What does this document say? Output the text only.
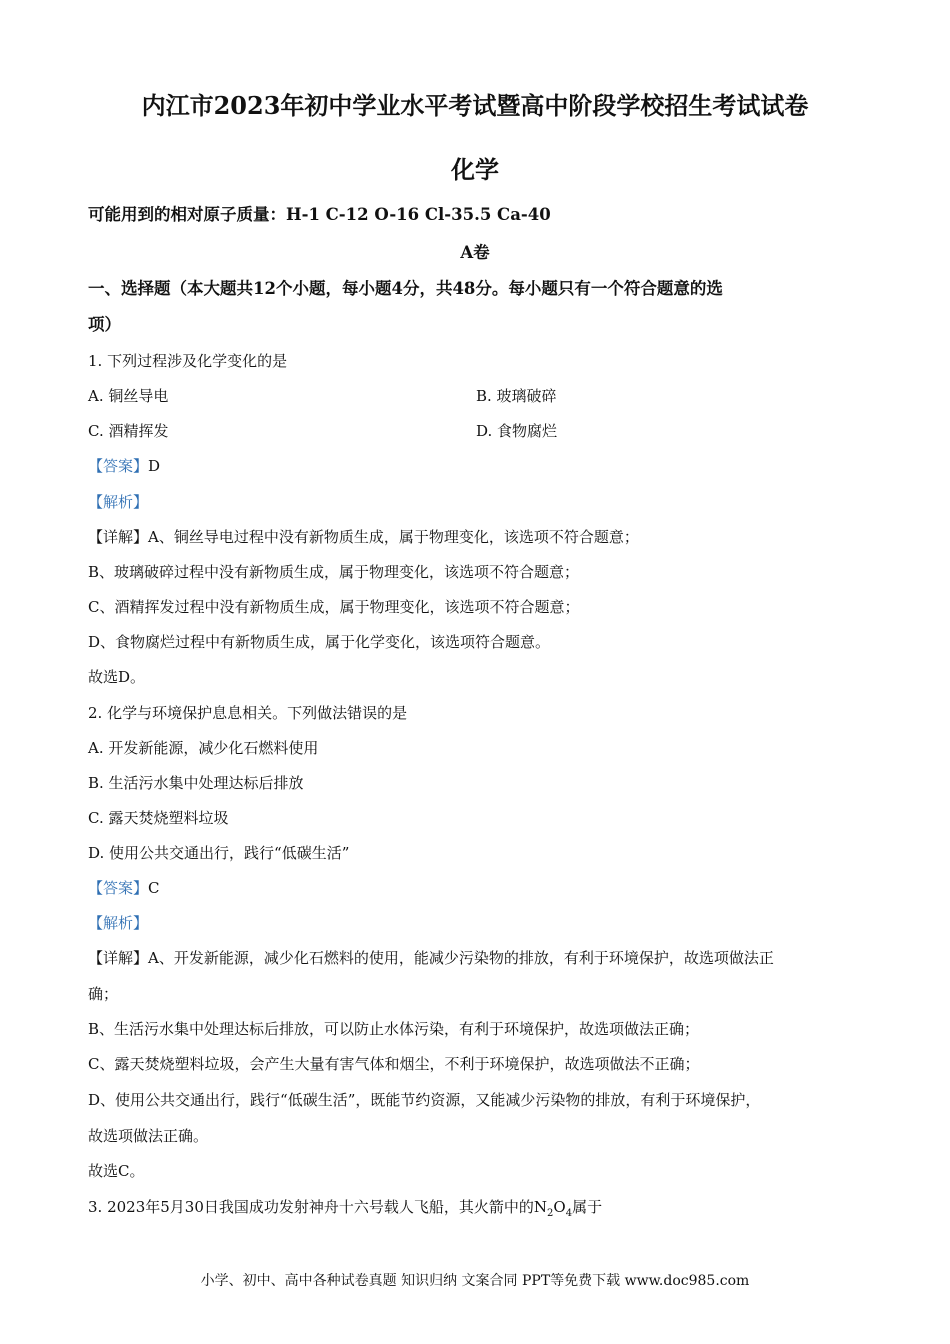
内江市2023年初中学业水平考试暨高中阶段学校招生考试试卷
化学
可能用到的相对原子质量：H-1 C-12 O-16 Cl-35.5 Ca-40
A卷
一、选择题（本大题共12个小题，每小题4分，共48分。每小题只有一个符合题意的选
项）
1. 下列过程涉及化学变化的是
A. 铜丝导电	B. 玻璃破碎
C. 酒精挥发	D. 食物腐烂
【答案】D
【解析】
【详解】A、铜丝导电过程中没有新物质生成，属于物理变化，该选项不符合题意；
B、玻璃破碎过程中没有新物质生成，属于物理变化，该选项不符合题意；
C、酒精挥发过程中没有新物质生成，属于物理变化，该选项不符合题意；
D、食物腐烂过程中有新物质生成，属于化学变化，该选项符合题意。
故选D。
2. 化学与环境保护息息相关。下列做法错误的是
A. 开发新能源，减少化石燃料使用
B. 生活污水集中处理达标后排放
C. 露天焚烧塑料垃圾
D. 使用公共交通出行，践行“低碳生活”
【答案】C
【解析】
【详解】A、开发新能源，减少化石燃料的使用，能减少污染物的排放，有利于环境保护，故选项做法正
确；
B、生活污水集中处理达标后排放，可以防止水体污染，有利于环境保护，故选项做法正确；
C、露天焚烧塑料垃圾，会产生大量有害气体和烟尘，不利于环境保护，故选项做法不正确；
D、使用公共交通出行，践行“低碳生活”，既能节约资源，又能减少污染物的排放，有利于环境保护，
故选项做法正确。
故选C。
3. 2023年5月30日我国成功发射神舟十六号载人飞船，其火箭中的$N_2O_4$属于
小学、初中、高中各种试卷真题 知识归纳 文案合同 PPT等免费下载 www.doc985.com
